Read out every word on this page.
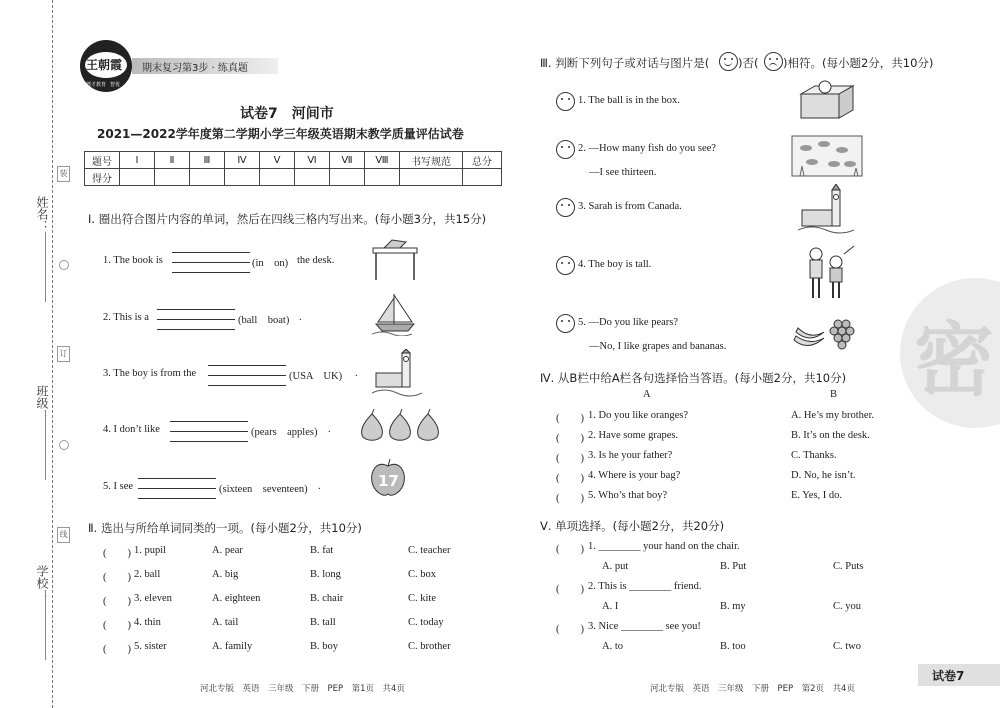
装
订
线
姓名：
班级：
学校：
王朝霞
德才教育 智优
期末复习第3步 · 练真题
试卷7　河间市
2021—2022学年度第二学期小学三年级英语期末教学质量评估试卷
题号	Ⅰ	Ⅱ	Ⅲ	Ⅳ	Ⅴ	Ⅵ	Ⅶ	Ⅷ	书写规范	总分
得分										
Ⅰ. 圈出符合图片内容的单词，然后在四线三格内写出来。(每小题3分，共15分)
1. The book is	(in　on) the desk.
2. This is a	(ball　boat) .
3. The boy is from the	(USA　UK) .
4. I don’t like	(pears　apples) .
5. I see	(sixteen　seventeen) .	17
Ⅱ. 选出与所给单词同类的一项。(每小题2分，共10分)
(　　) 1. pupil	A. pear	B. fat	C. teacher
(　　) 2. ball	A. big	B. long	C. box
(　　) 3. eleven	A. eighteen	B. chair	C. kite
(　　) 4. thin	A. tail	B. tall	C. today
(　　) 5. sister	A. family	B. boy	C. brother
河北专版　英语　三年级　下册　PEP　第1页　共4页
密
Ⅲ. 判断下列句子或对话与图片是(	)否( )相符。(每小题2分，共10分)
1. The ball is in the box.
2. —How many fish do you see?
—I see thirteen.
3. Sarah is from Canada.
4. The boy is tall.
5. —Do you like pears?
—No, I like grapes and bananas.
Ⅳ. 从B栏中给A栏各句选择恰当答语。(每小题2分，共10分)
A	B
(　　) 1. Do you like oranges?	A. He’s my brother.
(　　) 2. Have some grapes.	B. It’s on the desk.
(　　) 3. Is he your father?	C. Thanks.
(　　) 4. Where is your bag?	D. No, he isn’t.
(　　) 5. Who’s that boy?	E. Yes, I do.
Ⅴ. 单项选择。(每小题2分，共20分)
(　　) 1. ________ your hand on the chair.
A. put	B. Put	C. Puts
(　　) 2. This is ________ friend.
A. I	B. my	C. you
(　　) 3. Nice ________ see you!
A. to	B. too	C. two
河北专版　英语　三年级　下册　PEP　第2页　共4页
试卷7
